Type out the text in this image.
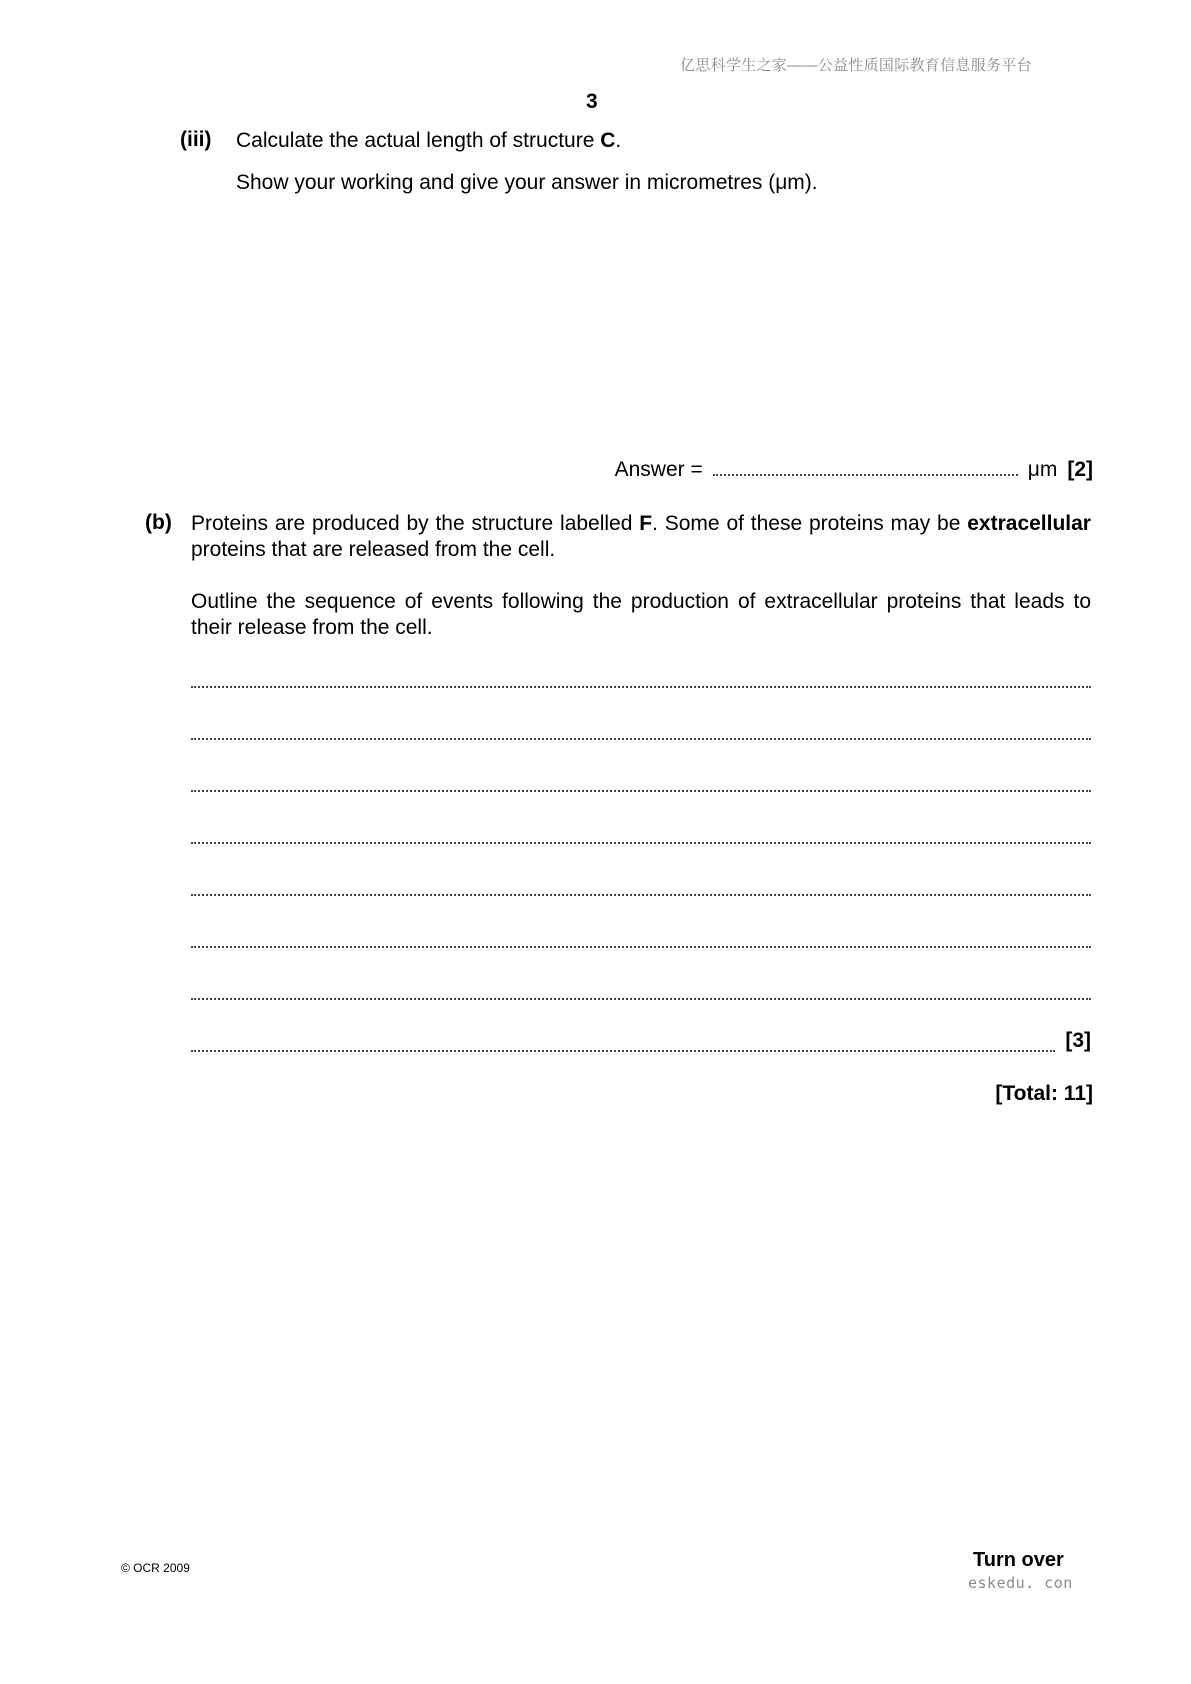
亿思科学生之家——公益性质国际教育信息服务平台
3
(iii) Calculate the actual length of structure C.
Show your working and give your answer in micrometres (μm).
Answer =	μm [2]
(b) Proteins are produced by the structure labelled F. Some of these proteins may be extracellular proteins that are released from the cell.
Outline the sequence of events following the production of extracellular proteins that leads to their release from the cell.
[3]
[Total: 11]
© OCR 2009	Turn over
eskedu. con
